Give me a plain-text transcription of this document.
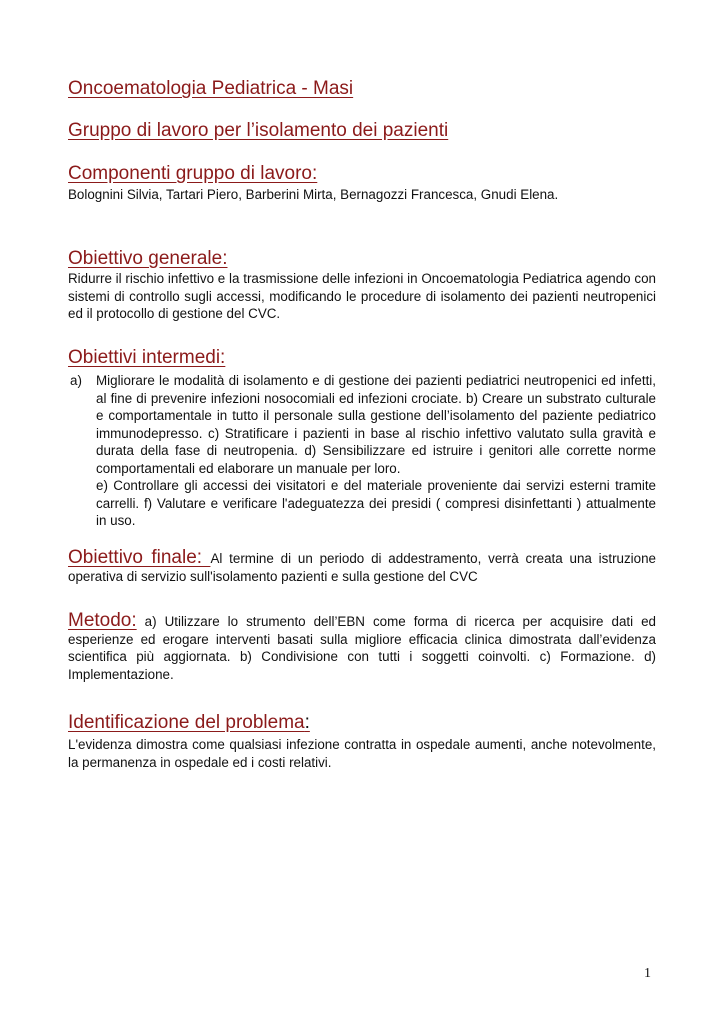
Oncoematologia Pediatrica - Masi
Gruppo di lavoro per l’isolamento dei pazienti
Componenti gruppo di lavoro:

Bolognini Silvia, Tartari Piero, Barberini Mirta, Bernagozzi Francesca, Gnudi Elena.

Obiettivo generale:

Ridurre il rischio infettivo e la trasmissione delle infezioni in Oncoematologia Pediatrica agendo con sistemi di controllo sugli accessi, modificando le procedure di isolamento dei pazienti neutropenici ed il protocollo di gestione del CVC.

Obiettivi intermedi:
a) Migliorare le modalità di isolamento e di gestione dei pazienti pediatrici neutropenici ed infetti, al fine di prevenire infezioni nosocomiali ed infezioni crociate. b) Creare un substrato culturale e comportamentale in tutto il personale sulla gestione dell’isolamento del paziente pediatrico immunodepresso. c) Stratificare i pazienti in base al rischio infettivo valutato sulla gravità e durata della fase di neutropenia. d) Sensibilizzare ed istruire i genitori alle corrette norme comportamentali ed elaborare un manuale per loro.

e) Controllare gli accessi dei visitatori e del materiale proveniente dai servizi esterni tramite carrelli. f) Valutare e verificare l'adeguatezza dei presidi ( compresi disinfettanti ) attualmente in uso.

Obiettivo finale: Al termine di un periodo di addestramento, verrà creata una istruzione operativa di servizio sull'isolamento pazienti e sulla gestione del CVC

Metodo: a) Utilizzare lo strumento dell’EBN come forma di ricerca per acquisire dati ed esperienze ed erogare interventi basati sulla migliore efficacia clinica dimostrata dall’evidenza scientifica più aggiornata. b) Condivisione con tutti i soggetti coinvolti. c) Formazione. d) Implementazione.

Identificazione del problema:

L'evidenza dimostra come qualsiasi infezione contratta in ospedale aumenti, anche notevolmente, la permanenza in ospedale ed i costi relativi.

1
